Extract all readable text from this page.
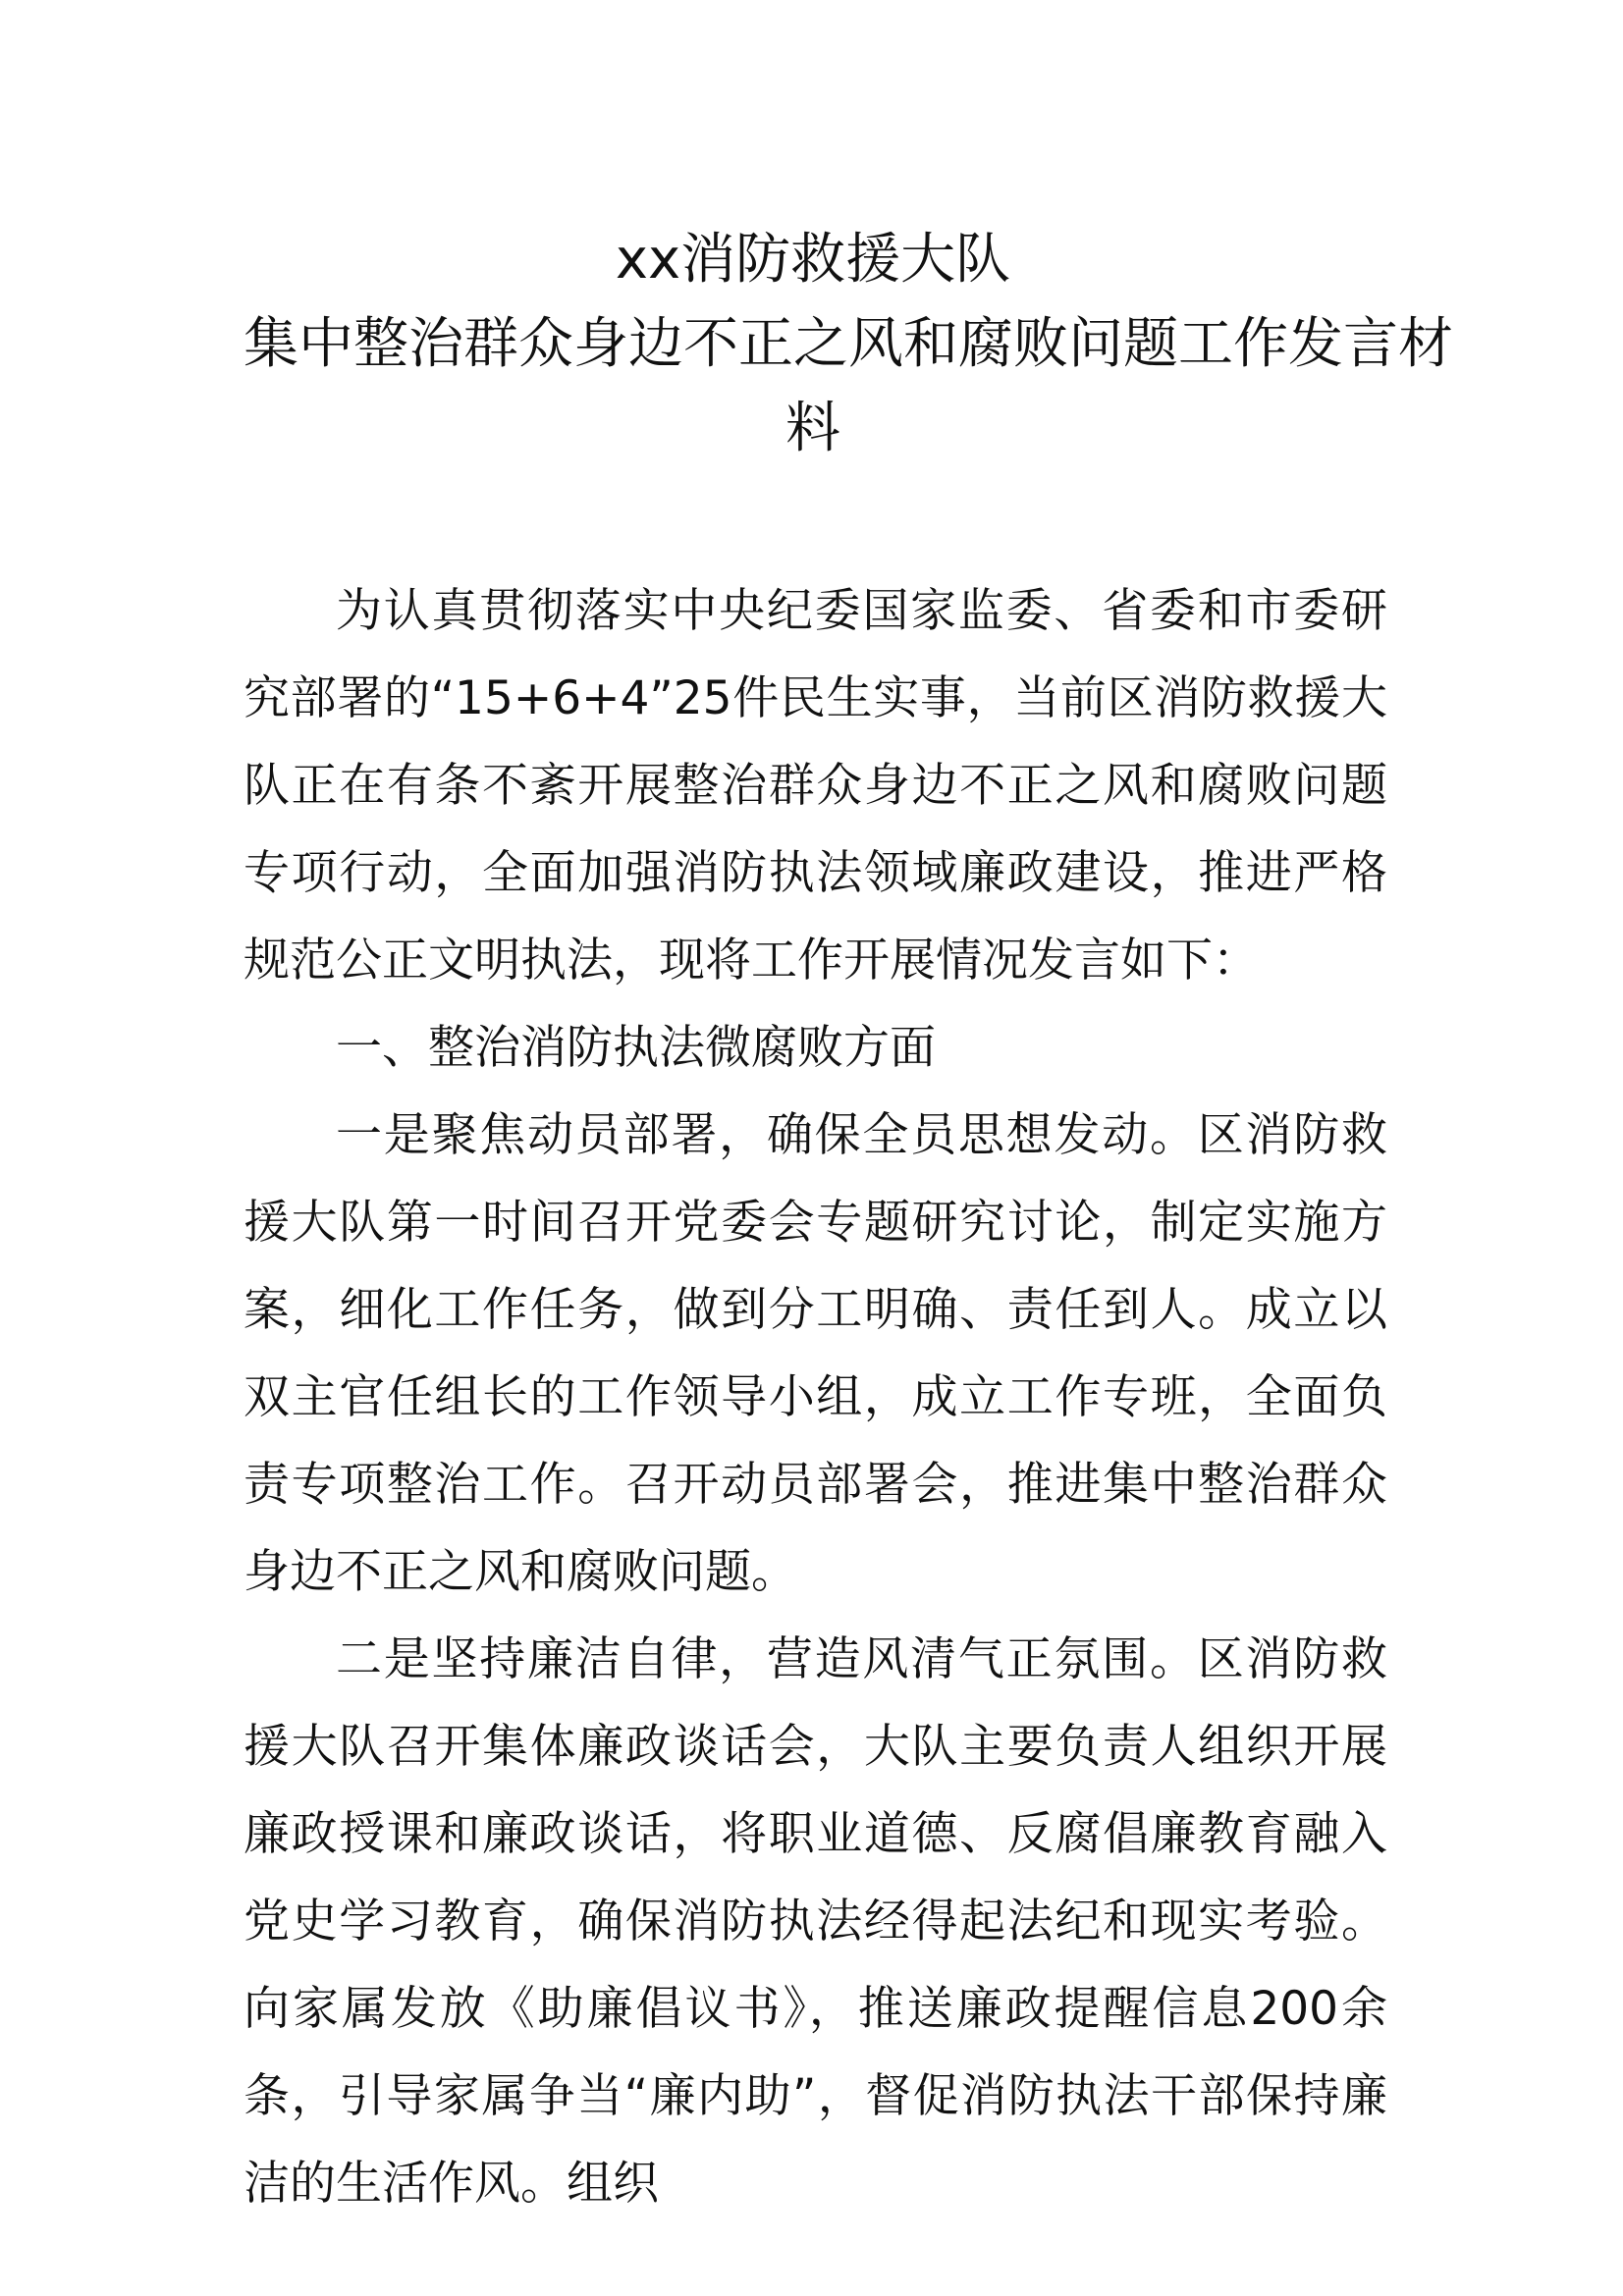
xx消防救援大队
集中整治群众身边不正之风和腐败问题工作发言材
料

为认真贯彻落实中央纪委国家监委、省委和市委研究部署的“15+6+4”25件民生实事，当前区消防救援大队正在有条不紊开展整治群众身边不正之风和腐败问题专项行动，全面加强消防执法领域廉政建设，推进严格规范公正文明执法，现将工作开展情况发言如下：

一、整治消防执法微腐败方面

一是聚焦动员部署，确保全员思想发动。区消防救援大队第一时间召开党委会专题研究讨论，制定实施方案，细化工作任务，做到分工明确、责任到人。成立以双主官任组长的工作领导小组，成立工作专班，全面负责专项整治工作。召开动员部署会，推进集中整治群众身边不正之风和腐败问题。

二是坚持廉洁自律，营造风清气正氛围。区消防救援大队召开集体廉政谈话会，大队主要负责人组织开展廉政授课和廉政谈话，将职业道德、反腐倡廉教育融入党史学习教育，确保消防执法经得起法纪和现实考验。向家属发放《助廉倡议书》，推送廉政提醒信息200余条，引导家属争当“廉内助”，督促消防执法干部保持廉洁的生活作风。组织
